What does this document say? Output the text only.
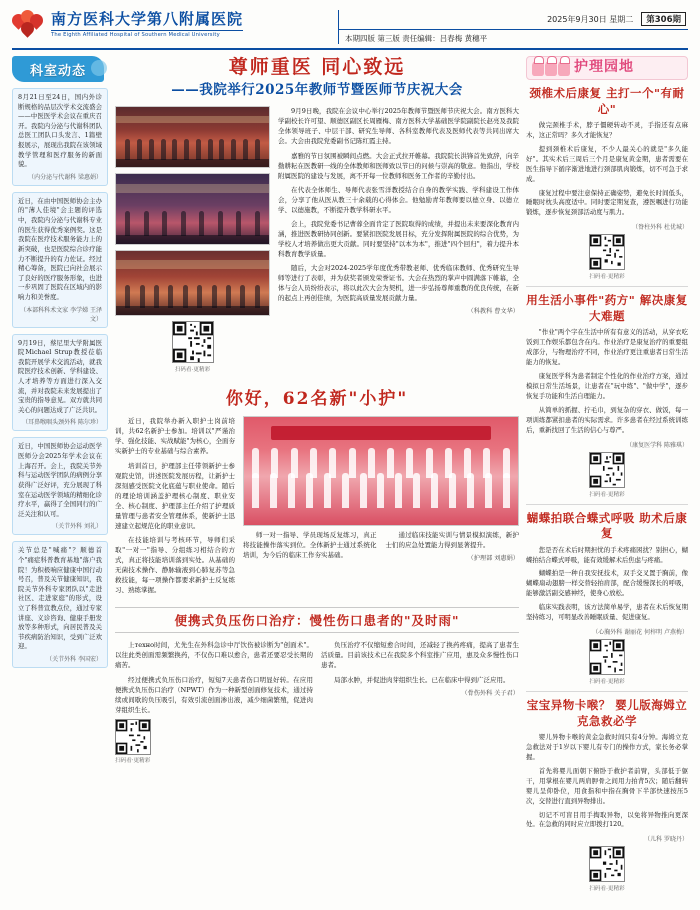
南方医科大学第八附属医院
The Eighth Affiliated Hospital of Southern Medical University
2025年9月30日 星期二	第306期
本期四版 第三版 责任编辑：吕春梅 黄穗平
科室动态
8月21日至24日，国内外诊断规格的品层次学术交流盛会——中医医学术会议在重庆召开。我院内分泌与代谢科团队总医工团队口头发言、1篇壁报展示，展现出我院在该领域教学管理和医疗服务的新面貌。
（内分泌与代谢科 梁惠娟）
近日，在由中国医师协会主办的"薄人佳境"会主题的评选中，我院内分泌与代谢科专业的医生获得优秀案例奖。这是我院在医疗技术服务能力上的新突破，也是医院综合诊疗能力不断提升的有力佐证。经过精心筹备，医院已向社会展示了良好的医疗服务形象，也进一步巩固了医院在区域内的影响力和美誉度。
（本部科科术文家 李学娣 王泽文）
9月19日，蔡尼里大学附属医院Michael Strup教授莅临我院开展学术交流活动，就我院医疗技术创新、学科建设、人才培养等方面进行深入交流，并对我院未来发展提出了宝贵的指导意见。双方就共同关心的问题达成了广泛共识。
（耳鼻喉咽头颈外科 陈尔珍）
近日，中国医师协会运动医学医师分会2025年学术会议在上海召开。会上，我院关节外科与运动医学团队的病例分享获得广泛好评，充分展现了科室在运动医学领域的精细化诊疗水平，赢得了全国同行的广泛关注和认可。
（关节外科 刘礼）
关节总是"喊痛"？顺德首个"痛症科普教育基地"落户我院！为积极响应健康中国行动号召，普及关节健康知识，我院关节外科专家团队以"走进社区、走进家庭"的形式，设立了科普宣教点位，通过专家讲座、义诊咨询、健康手册发放等多种形式，向居民普及关节疾病防治知识，受到广泛欢迎。
（关节外科 李国宏）
尊师重医 同心致远
——我院举行2025年教师节暨医师节庆祝大会
扫码看·更精彩

9月9日晚，我院在会议中心举行2025年教师节暨医师节庆祝大会。南方医科大学副校长许可望、顺德区副区长周雁梅、南方医科大学基础医学院副院长赵亮及我院全体领导班子、中层干部、研究生导师、各科室教师代表及医师代表等共同出席大会。大会由我院党委副书记陈红霞主持。

嘉雅的节日氛围被瞬间点燃。大会正式拉开帷幕。我院院长洪锋首先致辞，向辛勤耕耘在医教研一线的全体教师和医师致以节日的问候与崇高的敬意。他指出，学校附属医院的建设与发展，离不开每一位教师和医务工作者的辛勤付出。

在代表全体师生、导师代表张雪洋教授结合自身的教学实践、学科建设工作体会，分享了他从医从教三十余载的心得体会。他勉励青年教师要以德立身、以德立学、以德施教，不断提升教学科研水平。

会上，我院党委书记曹蓉全面肯定了医院取得的成绩，并提出未来要深化教育内涵，推进医教研协同创新。要紧扣医院发展目标，充分发挥附属医院的综合优势，为学校人才培养做出更大贡献。同时要坚持"以本为本"，推进"四个回归"，着力提升本科教育教学质量。

随后，大会对2024-2025学年度优秀带教老师、优秀临床教师、优秀研究生导师等进行了表彰，并为获奖者颁发荣誉证书。大会在热烈的掌声中圆满落下帷幕，全体与会人员纷纷表示，将以此次大会为契机，进一步弘扬尊师重教的优良传统，在新的起点上再创佳绩，为医院高质量发展贡献力量。

（科教科 曹文华）
你好，62名新"小护"

近日，我院举办新入职护士岗前培训，共62名新护士参加。培训以"严谨治学、强化技能、实战赋能"为核心，全面夯实新护士的专业基础与综合素养。

培训首日，护理部主任带领新护士参观院史馆，讲述医院发展历程，让新护士深刻感受医院文化底蕴与职业使命。随后的理论培训涵盖护理核心制度、职业安全、核心制度、护理部主任介绍了护理质量管理与患者安全管理体系，使新护士迅速建立起规范化的职业意识。

在技能培训与考核环节，导师们采取"一对一"指导、分组练习相结合的方式，真正将技能培训落到实处。从基础的无菌技术操作、静脉输液到心肺复苏等急救技能，每一项操作都要求新护士反复练习、熟练掌握。

师一对一指导、学员现场反复练习，真正将技能操作落实到位。全体新护士通过系统化培训，为今后的临床工作夯实基础。

通过临床技能实训与情景模拟演练，新护士们的应急处置能力得到显著提升。

（护理部 刘惠娟）
便携式负压伤口治疗：慢性伤口患者的"及时雨"

上техно时间，尤先生在外科急诊中厅饮伤被诊断为"创面术"。以往此类创面需频繁换药，不仅伤口难以愈合，患者还要忍受长期的痛苦。

经过便携式负压伤口治疗，短短7天患者伤口明显好转。在应用便携式负压伤口治疗（NPWT）作为一种新型创面修复技术，通过持续或间歇的负压吸引，有效引流创面渗出液，减少细菌繁殖，促进肉芽组织生长。

扫码看·更精彩

负压治疗不仅缩短愈合时间，还减轻了换药疼痛，提高了患者生活质量。目前该技术已在我院多个科室推广应用，惠及众多慢性伤口患者。

局部水肿，并促进肉芽组织生长。已在临床中得到广泛应用。

（骨伤外科 关子君）
护理园地
颈椎术后康复 主打一个"有耐心"

做完颈椎手术，脖子僵硬转动不灵，手指还有点麻木，这正常吗？多久才能恢复？

提到颈椎术后康复，不少人最关心的就是"多久能好"。其实术后三周后三个月是康复黄金期，患者需要在医生指导下循序渐进地进行颈部肌肉锻炼，切不可急于求成。

康复过程中要注意保持正确姿势，避免长时间低头，睡眠时枕头高度适中。同时要定期复查，遵医嘱进行功能锻炼，逐步恢复颈部活动度与肌力。

（脊柱外科 杜优城）
扫码看·更精彩
用生活小事件"药方" 解决康复大难题

"作业"两个字在生活中所有有意义的活动，从穿衣吃饭到工作娱乐都包含在内。作业治疗是康复治疗的重要组成部分，与物理治疗不同，作业治疗更注重患者日常生活能力的恢复。

康复医学科为患者制定个性化的作业治疗方案，通过模拟日常生活场景，让患者在"玩中练"、"做中学"，逐步恢复手功能和生活自理能力。

从简单的抓握、拧毛巾，到复杂的穿衣、做饭，每一项训练都紧扣患者的实际需求。许多患者在经过系统训练后，重新找回了生活的信心与尊严。

（康复医学科 陈雅琪）
扫码看·更精彩
蝴蝶拍联合蝶式呼吸 助术后康复

您是否在术后时期担忧的手术疼痛困扰？别担心，蝴蝶拍结合蝶式呼吸，能有效缓解术后焦虑与疼痛。

蝴蝶拍是一种自我安抚技术，双手交叉置于胸前，像蝴蝶扇动翅膀一样交替轻拍肩部，配合缓慢深长的呼吸，能够激活副交感神经，使身心放松。

临床实践表明，该方法简单易学，患者在术后恢复期坚持练习，可明显改善睡眠质量、促进康复。

（心胸外科 谢丽花 何梓明 卢燕梅）
扫码看·更精彩
宝宝异物卡喉？ 婴儿版海姆立克急救必学

婴儿异物卡喉的黄金急救时间只有4分钟。海姆立克急救法对于1岁以下婴儿有专门的操作方式，家长务必掌握。

首先将婴儿面朝下俯卧于救护者前臂，头部低于躯干，用掌根在婴儿两肩胛骨之间用力拍背5次；随后翻转婴儿呈仰卧位，用食指和中指在胸骨下半部快速按压5次，交替进行直到异物排出。

切记不可盲目用手掏取异物，以免将异物推向更深处。在急救的同时应立即拨打120。

（儿科 罗晓丹）
扫码看·更精彩
